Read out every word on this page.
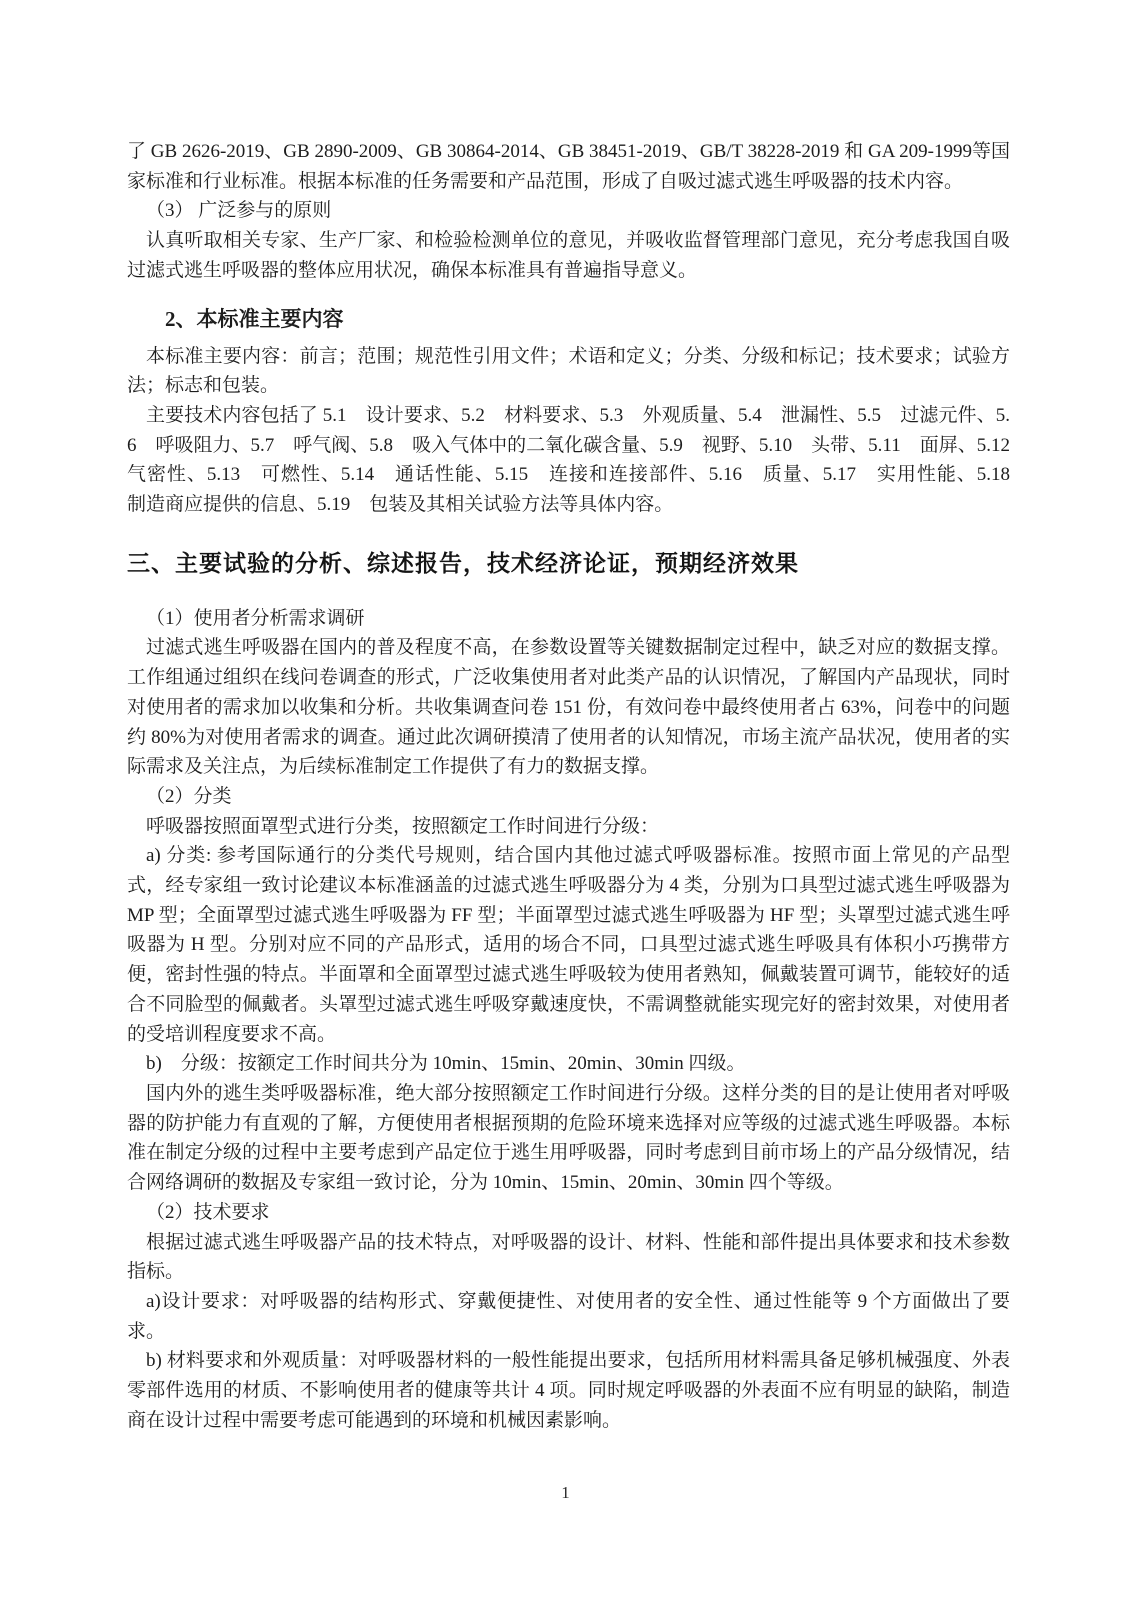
了 GB 2626-2019、GB 2890-2009、GB 30864-2014、GB 38451-2019、GB/T 38228-2019 和 GA 209-1999等国家标准和行业标准。根据本标准的任务需要和产品范围，形成了自吸过滤式逃生呼吸器的技术内容。

（3） 广泛参与的原则

认真听取相关专家、生产厂家、和检验检测单位的意见，并吸收监督管理部门意见，充分考虑我国自吸过滤式逃生呼吸器的整体应用状况，确保本标准具有普遍指导意义。

2、本标准主要内容

本标准主要内容：前言；范围；规范性引用文件；术语和定义；分类、分级和标记；技术要求；试验方法；标志和包装。

主要技术内容包括了 5.1　设计要求、5.2　材料要求、5.3　外观质量、5.4　泄漏性、5.5　过滤元件、5.6　呼吸阻力、5.7　呼气阀、5.8　吸入气体中的二氧化碳含量、5.9　视野、5.10　头带、5.11　面屏、5.12　气密性、5.13　可燃性、5.14　通话性能、5.15　连接和连接部件、5.16　质量、5.17　实用性能、5.18　制造商应提供的信息、5.19　包装及其相关试验方法等具体内容。

三、主要试验的分析、综述报告，技术经济论证，预期经济效果

（1）使用者分析需求调研

过滤式逃生呼吸器在国内的普及程度不高，在参数设置等关键数据制定过程中，缺乏对应的数据支撑。工作组通过组织在线问卷调查的形式，广泛收集使用者对此类产品的认识情况，了解国内产品现状，同时对使用者的需求加以收集和分析。共收集调查问卷 151 份，有效问卷中最终使用者占 63%，问卷中的问题约 80%为对使用者需求的调查。通过此次调研摸清了使用者的认知情况，市场主流产品状况，使用者的实际需求及关注点，为后续标准制定工作提供了有力的数据支撑。

（2）分类

呼吸器按照面罩型式进行分类，按照额定工作时间进行分级：

a) 分类: 参考国际通行的分类代号规则，结合国内其他过滤式呼吸器标准。按照市面上常见的产品型式，经专家组一致讨论建议本标准涵盖的过滤式逃生呼吸器分为 4 类，分别为口具型过滤式逃生呼吸器为 MP 型；全面罩型过滤式逃生呼吸器为 FF 型；半面罩型过滤式逃生呼吸器为 HF 型；头罩型过滤式逃生呼吸器为 H 型。分别对应不同的产品形式，适用的场合不同，口具型过滤式逃生呼吸具有体积小巧携带方便，密封性强的特点。半面罩和全面罩型过滤式逃生呼吸较为使用者熟知，佩戴装置可调节，能较好的适合不同脸型的佩戴者。头罩型过滤式逃生呼吸穿戴速度快，不需调整就能实现完好的密封效果，对使用者的受培训程度要求不高。

b)　分级：按额定工作时间共分为 10min、15min、20min、30min 四级。

国内外的逃生类呼吸器标准，绝大部分按照额定工作时间进行分级。这样分类的目的是让使用者对呼吸器的防护能力有直观的了解，方便使用者根据预期的危险环境来选择对应等级的过滤式逃生呼吸器。本标准在制定分级的过程中主要考虑到产品定位于逃生用呼吸器，同时考虑到目前市场上的产品分级情况，结合网络调研的数据及专家组一致讨论，分为 10min、15min、20min、30min 四个等级。

（2）技术要求

根据过滤式逃生呼吸器产品的技术特点，对呼吸器的设计、材料、性能和部件提出具体要求和技术参数指标。

a)设计要求：对呼吸器的结构形式、穿戴便捷性、对使用者的安全性、通过性能等 9 个方面做出了要求。

b) 材料要求和外观质量：对呼吸器材料的一般性能提出要求，包括所用材料需具备足够机械强度、外表零部件选用的材质、不影响使用者的健康等共计 4 项。同时规定呼吸器的外表面不应有明显的缺陷，制造商在设计过程中需要考虑可能遇到的环境和机械因素影响。

1
